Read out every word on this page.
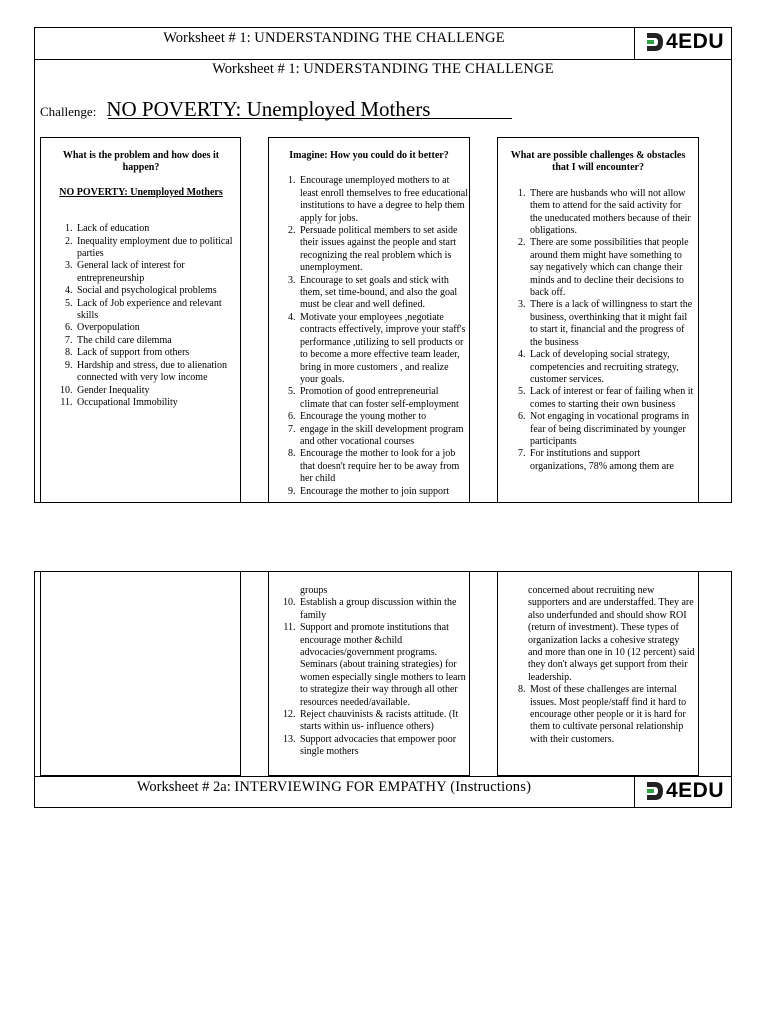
Worksheet # 1: UNDERSTANDING THE CHALLENGE	4EDU
Worksheet # 1: UNDERSTANDING THE CHALLENGE
Challenge: NO POVERTY: Unemployed Mothers
What is the problem and how does it happen?
NO POVERTY: Unemployed Mothers
1. Lack of education
2. Inequality employment due to political parties
3. General lack of interest for entrepreneurship
4. Social and psychological problems
5. Lack of Job experience and relevant skills
6. Overpopulation
7. The child care dilemma
8. Lack of support from others
9. Hardship and stress, due to alienation connected with very low income
10. Gender Inequality
11. Occupational Immobility
Imagine: How you could do it better?
1. Encourage unemployed mothers to at least enroll themselves to free educational institutions to have a degree to help them apply for jobs.
2. Persuade political members to set aside their issues against the people and start recognizing the real problem which is unemployment.
3. Encourage to set goals and stick with them, set time-bound, and also the goal must be clear and well defined.
4. Motivate your employees ,negotiate contracts effectively, improve your staff's performance ,utilizing to sell products or to become a more effective team leader, bring in more customers , and realize your goals.
5. Promotion of good entrepreneurial climate that can foster self-employment
6. Encourage the young mother to
7. engage in the skill development program and other vocational courses
8. Encourage the mother to look for a job that doesn't require her to be away from her child
9. Encourage the mother to join support
What are possible challenges & obstacles that I will encounter?
1. There are husbands who will not allow them to attend for the said activity for the uneducated mothers because of their obligations.
2. There are some possibilities that people around them might have something to say negatively which can change their minds and to decline their decisions to back off.
3. There is a lack of willingness to start the business, overthinking that it might fail to start it, financial and the progress of the business
4. Lack of developing social strategy, competencies and recruiting strategy, customer services.
5. Lack of interest or fear of failing when it comes to starting their own business
6. Not engaging in vocational programs in fear of being discriminated by younger participants
7. For institutions and support organizations, 78% among them are

groups

10. Establish a group discussion within the family
11. Support and promote institutions that encourage mother &child advocacies/government programs. Seminars (about training strategies) for women especially single mothers to learn to strategize their way through all other resources needed/available.
12. Reject chauvinists & racists attitude. (It starts within us- influence others)
13. Support advocacies that empower poor single mothers

concerned about recruiting new supporters and are understaffed. They are also underfunded and should show ROI (return of investment). These types of organization lacks a cohesive strategy and more than one in 10 (12 percent) said they don't always get support from their leadership.

8. Most of these challenges are internal issues. Most people/staff find it hard to encourage other people or it is hard for them to cultivate personal relationship with their customers.
Worksheet # 2a: INTERVIEWING FOR EMPATHY (Instructions)	4EDU
